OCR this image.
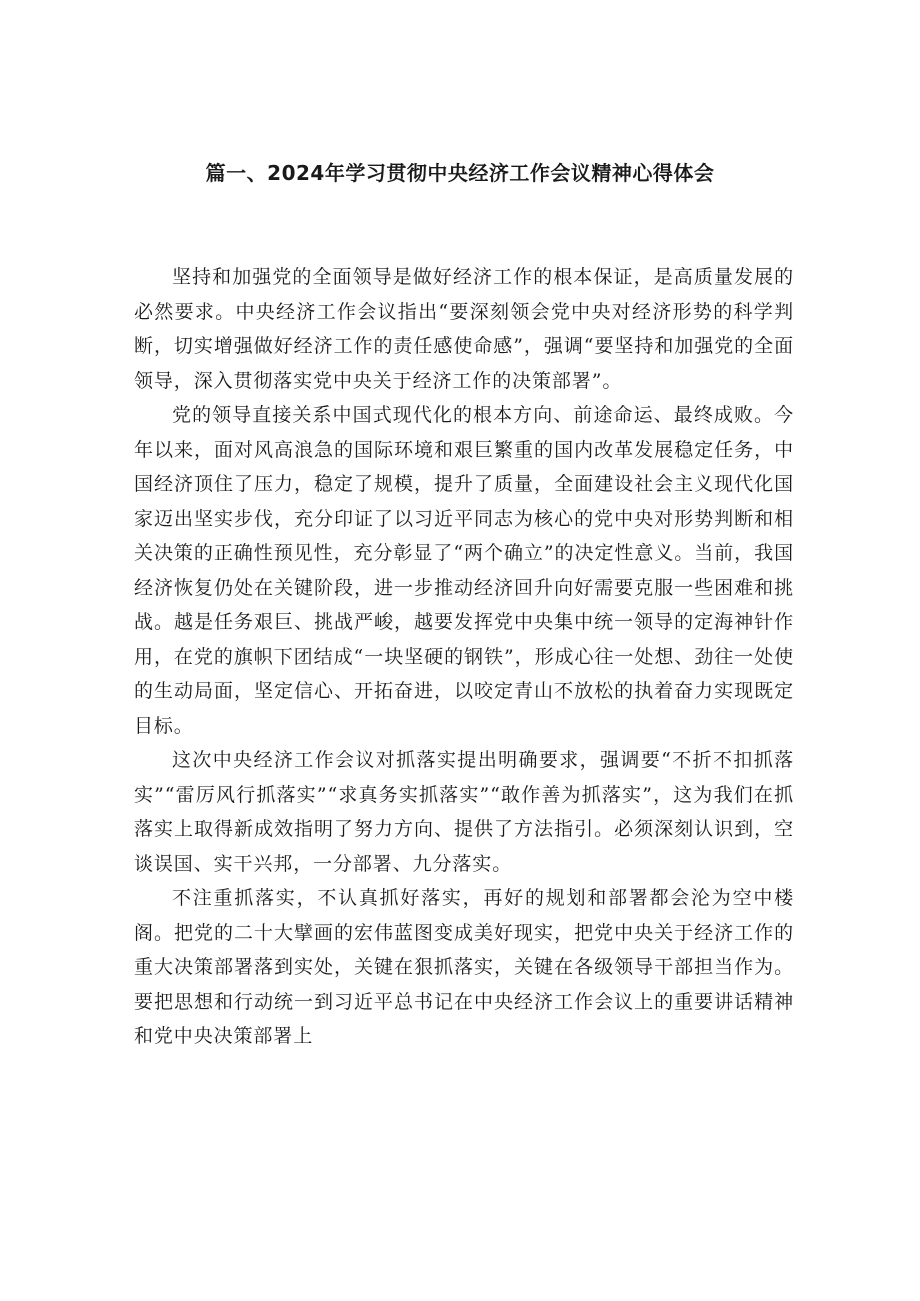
篇一、2024年学习贯彻中央经济工作会议精神心得体会

坚持和加强党的全面领导是做好经济工作的根本保证，是高质量发展的必然要求。中央经济工作会议指出“要深刻领会党中央对经济形势的科学判断，切实增强做好经济工作的责任感使命感”，强调“要坚持和加强党的全面领导，深入贯彻落实党中央关于经济工作的决策部署”。

党的领导直接关系中国式现代化的根本方向、前途命运、最终成败。今年以来，面对风高浪急的国际环境和艰巨繁重的国内改革发展稳定任务，中国经济顶住了压力，稳定了规模，提升了质量，全面建设社会主义现代化国家迈出坚实步伐，充分印证了以习近平同志为核心的党中央对形势判断和相关决策的正确性预见性，充分彰显了“两个确立”的决定性意义。当前，我国经济恢复仍处在关键阶段，进一步推动经济回升向好需要克服一些困难和挑战。越是任务艰巨、挑战严峻，越要发挥党中央集中统一领导的定海神针作用，在党的旗帜下团结成“一块坚硬的钢铁”，形成心往一处想、劲往一处使的生动局面，坚定信心、开拓奋进，以咬定青山不放松的执着奋力实现既定目标。

这次中央经济工作会议对抓落实提出明确要求，强调要“不折不扣抓落实”“雷厉风行抓落实”“求真务实抓落实”“敢作善为抓落实”，这为我们在抓落实上取得新成效指明了努力方向、提供了方法指引。必须深刻认识到，空谈误国、实干兴邦，一分部署、九分落实。

不注重抓落实，不认真抓好落实，再好的规划和部署都会沦为空中楼阁。把党的二十大擘画的宏伟蓝图变成美好现实，把党中央关于经济工作的重大决策部署落到实处，关键在狠抓落实，关键在各级领导干部担当作为。要把思想和行动统一到习近平总书记在中央经济工作会议上的重要讲话精神和党中央决策部署上
